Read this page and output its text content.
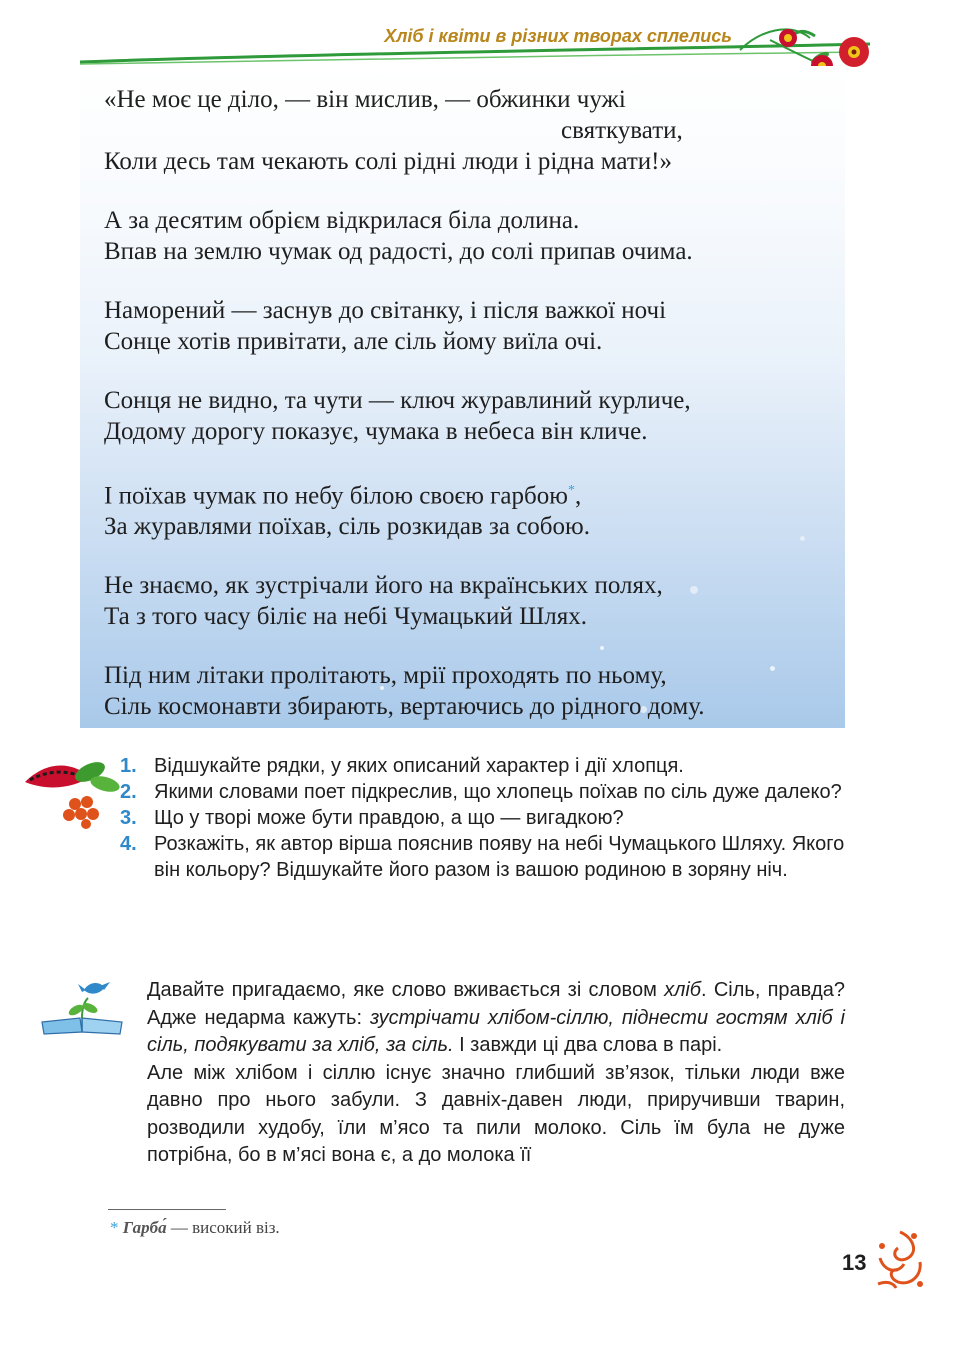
Хліб і квіти в різних творах сплелись
«Не моє це діло, — він мислив, — обжинки чужі
святкувати,
Коли десь там чекають солі рідні люди і рідна мати!»
А за десятим обрієм відкрилася біла долина.
Впав на землю чумак од радості, до солі припав очима.
Наморений — заснув до світанку, і після важкої ночі
Сонце хотів привітати, але сіль йому виїла очі.
Сонця не видно, та чути — ключ журавлиний курличе,
Додому дорогу показує, чумака в небеса він кличе.
І поїхав чумак по небу білою своєю гарбою*,
За журавлями поїхав, сіль розкидав за собою.
Не знаємо, як зустрічали його на вкраїнських полях,
Та з того часу біліє на небі Чумацький Шлях.
Під ним літаки пролітають, мрії проходять по ньому,
Сіль космонавти збирають, вертаючись до рідного дому.

1. Відшукайте рядки, у яких описаний характер і дії хлопця.

2. Якими словами поет підкреслив, що хлопець поїхав по сіль дуже далеко?

3. Що у творі може бути правдою, а що — вигадкою?

4. Розкажіть, як автор вірша пояснив появу на небі Чумацького Шляху. Якого він кольору? Відшукайте його разом із вашою родиною в зоряну ніч.

Давайте пригадаємо, яке слово вживається зі словом хліб. Сіль, правда? Адже недарма кажуть: зустрічати хлібом-сіллю, піднести гостям хліб і сіль, подякувати за хліб, за сіль. І завжди ці два слова в парі.

Але між хлібом і сіллю існує значно глибший зв’язок, тільки люди вже давно про нього забули. З давніх-давен люди, приручивши тварин, розводили худобу, їли м’ясо та пили молоко. Сіль їм була не дуже потрібна, бо в м’ясі вона є, а до молока її

* Гарба́ — високий віз.
13
